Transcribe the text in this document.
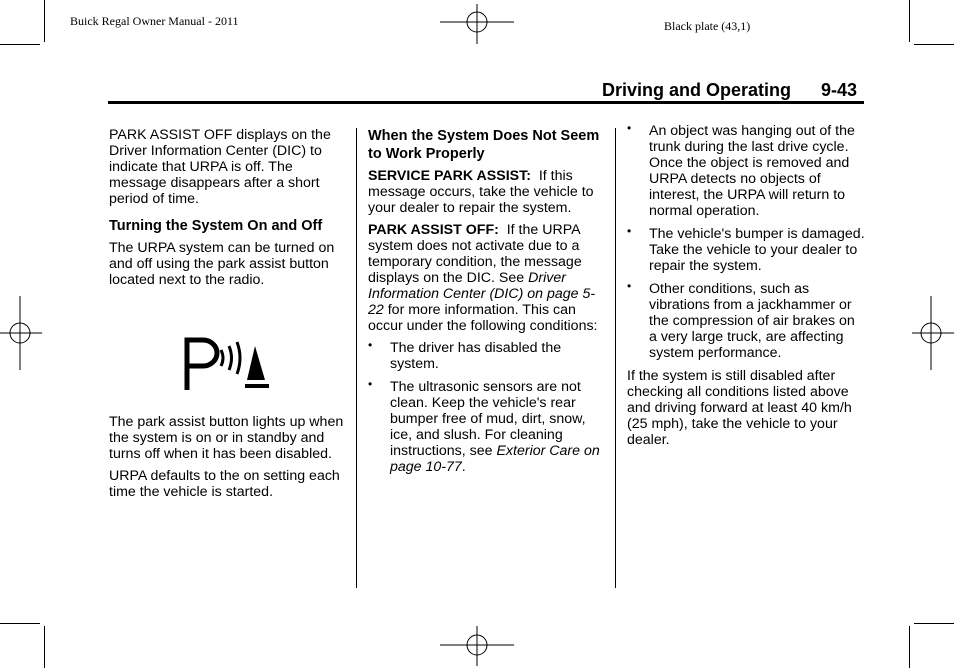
Buick Regal Owner Manual - 2011	Black plate (43,1)
Driving and Operating 9-43

PARK ASSIST OFF displays on the Driver Information Center (DIC) to indicate that URPA is off. The message disappears after a short period of time.

Turning the System On and Off

The URPA system can be turned on and off using the park assist button located next to the radio.

The park assist button lights up when the system is on or in standby and turns off when it has been disabled.

URPA defaults to the on setting each time the vehicle is started.

When the System Does Not Seem to Work Properly

SERVICE PARK ASSIST: If this message occurs, take the vehicle to your dealer to repair the system.

PARK ASSIST OFF: If the URPA system does not activate due to a temporary condition, the message displays on the DIC. See Driver Information Center (DIC) on page 5-22 for more information. This can occur under the following conditions:

• The driver has disabled the system.
• The ultrasonic sensors are not clean. Keep the vehicle's rear bumper free of mud, dirt, snow, ice, and slush. For cleaning instructions, see Exterior Care on page 10-77.
• An object was hanging out of the trunk during the last drive cycle. Once the object is removed and URPA detects no objects of interest, the URPA will return to normal operation.
• The vehicle's bumper is damaged. Take the vehicle to your dealer to repair the system.
• Other conditions, such as vibrations from a jackhammer or the compression of air brakes on a very large truck, are affecting system performance.

If the system is still disabled after checking all conditions listed above and driving forward at least 40 km/h (25 mph), take the vehicle to your dealer.
